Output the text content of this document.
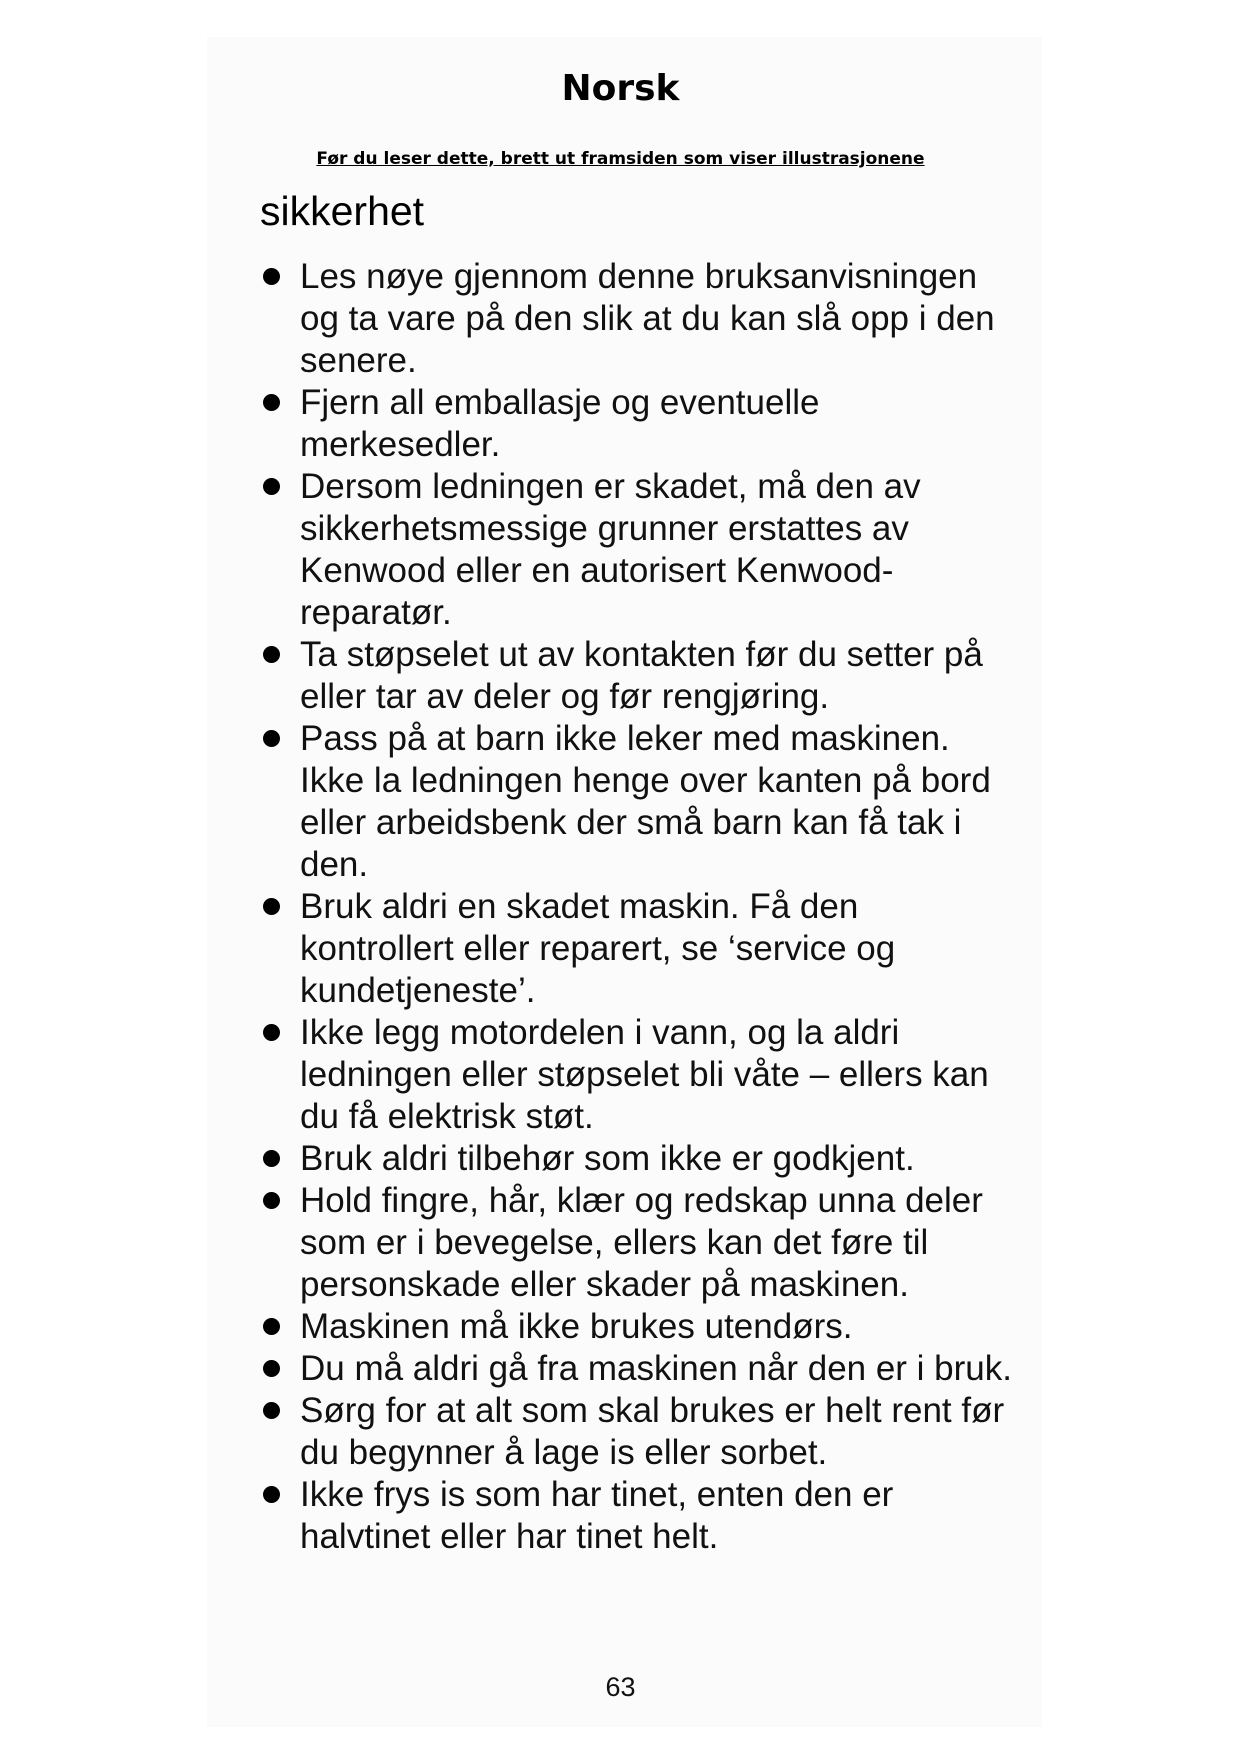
Norsk

Før du leser dette, brett ut framsiden som viser illustrasjonene

sikkerhet
Les nøye gjennom denne bruksanvisningen og ta vare på den slik at du kan slå opp i den senere.
Fjern all emballasje og eventuelle merkesedler.
Dersom ledningen er skadet, må den av sikkerhetsmessige grunner erstattes av Kenwood eller en autorisert Kenwood-reparatør.
Ta støpselet ut av kontakten før du setter på eller tar av deler og før rengjøring.
Pass på at barn ikke leker med maskinen. Ikke la ledningen henge over kanten på bord eller arbeidsbenk der små barn kan få tak i den.
Bruk aldri en skadet maskin. Få den kontrollert eller reparert, se ‘service og kundetjeneste’.
Ikke legg motordelen i vann, og la aldri ledningen eller støpselet bli våte – ellers kan du få elektrisk støt.
Bruk aldri tilbehør som ikke er godkjent.
Hold fingre, hår, klær og redskap unna deler som er i bevegelse, ellers kan det føre til personskade eller skader på maskinen.
Maskinen må ikke brukes utendørs.
Du må aldri gå fra maskinen når den er i bruk.
Sørg for at alt som skal brukes er helt rent før du begynner å lage is eller sorbet.
Ikke frys is som har tinet, enten den er halvtinet eller har tinet helt.
63
